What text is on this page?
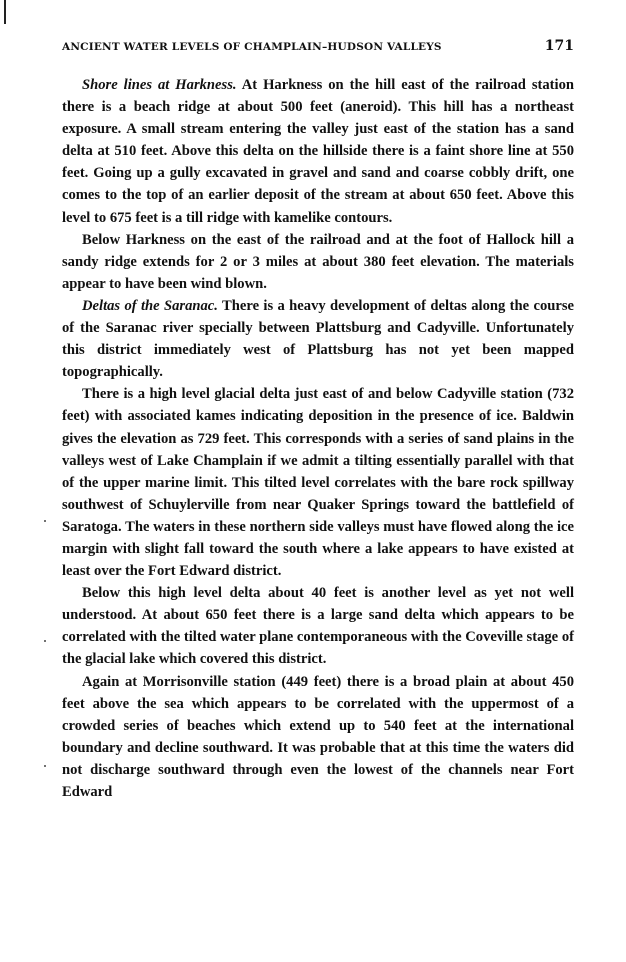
ANCIENT WATER LEVELS OF CHAMPLAIN–HUDSON VALLEYS	171

Shore lines at Harkness. At Harkness on the hill east of the railroad station there is a beach ridge at about 500 feet (aneroid). This hill has a northeast exposure. A small stream entering the valley just east of the station has a sand delta at 510 feet. Above this delta on the hillside there is a faint shore line at 550 feet. Going up a gully excavated in gravel and sand and coarse cobbly drift, one comes to the top of an earlier deposit of the stream at about 650 feet. Above this level to 675 feet is a till ridge with kamelike contours.

Below Harkness on the east of the railroad and at the foot of Hallock hill a sandy ridge extends for 2 or 3 miles at about 380 feet elevation. The materials appear to have been wind blown.

Deltas of the Saranac. There is a heavy development of deltas along the course of the Saranac river specially between Plattsburg and Cadyville. Unfortunately this district immediately west of Plattsburg has not yet been mapped topographically.

There is a high level glacial delta just east of and below Cadyville station (732 feet) with associated kames indicating deposition in the presence of ice. Baldwin gives the elevation as 729 feet. This corresponds with a series of sand plains in the valleys west of Lake Champlain if we admit a tilting essentially parallel with that of the upper marine limit. This tilted level correlates with the bare rock spillway southwest of Schuylerville from near Quaker Springs toward the battlefield of Saratoga. The waters in these northern side valleys must have flowed along the ice margin with slight fall toward the south where a lake appears to have existed at least over the Fort Edward district.

Below this high level delta about 40 feet is another level as yet not well understood. At about 650 feet there is a large sand delta which appears to be correlated with the tilted water plane contemporaneous with the Coveville stage of the glacial lake which covered this district.

Again at Morrisonville station (449 feet) there is a broad plain at about 450 feet above the sea which appears to be correlated with the uppermost of a crowded series of beaches which extend up to 540 feet at the international boundary and decline southward. It was probable that at this time the waters did not discharge southward through even the lowest of the channels near Fort Edward
